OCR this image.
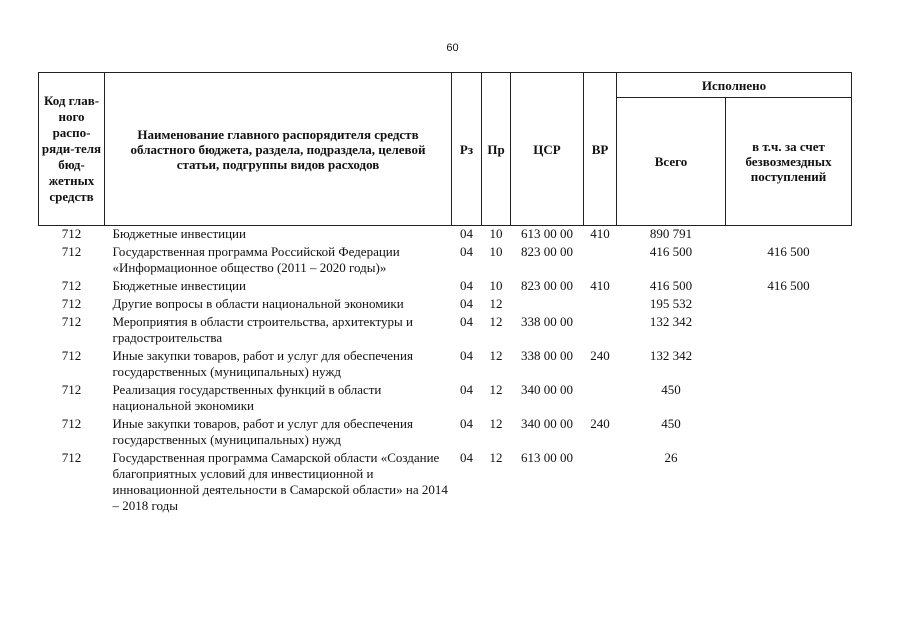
60
Код глав-ного распо-ряди-теля бюд-жетных средств	Наименование главного распорядителя средств областного бюджета, раздела, подраздела, целевой статьи, подгруппы видов расходов	Рз	Пр	ЦСР	ВР	Исполнено	
						Всего	в т.ч. за счет безвозмездных поступлений
712	Бюджетные инвестиции	04	10	613 00 00	410	890 791	
712	Государственная программа Российской Федерации «Информационное общество (2011 – 2020 годы)»	04	10	823 00 00		416 500	416 500
712	Бюджетные инвестиции	04	10	823 00 00	410	416 500	416 500
712	Другие вопросы в области национальной экономики	04	12			195 532	
712	Мероприятия в области строительства, архитектуры и градостроительства	04	12	338 00 00		132 342	
712	Иные закупки товаров, работ и услуг для обеспечения государственных (муниципальных) нужд	04	12	338 00 00	240	132 342	
712	Реализация государственных функций в области национальной экономики	04	12	340 00 00		450	
712	Иные закупки товаров, работ и услуг для обеспечения государственных (муниципальных) нужд	04	12	340 00 00	240	450	
712	Государственная программа Самарской области «Создание благоприятных условий для инвестиционной и инновационной деятельности в Самарской области» на 2014 – 2018 годы	04	12	613 00 00		26	
